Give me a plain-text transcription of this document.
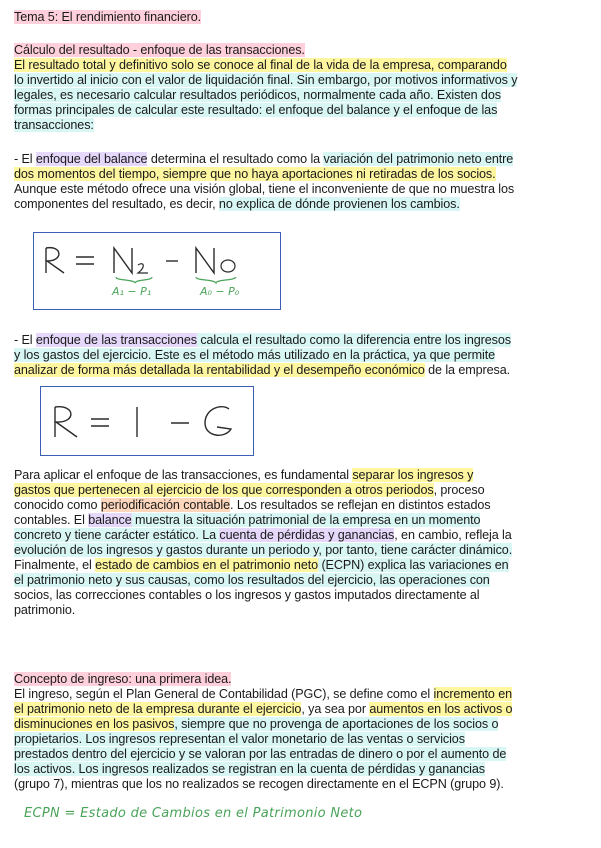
Tema 5: El rendimiento financiero.
Cálculo del resultado - enfoque de las transacciones.
El resultado total y definitivo solo se conoce al final de la vida de la empresa, comparando
lo invertido al inicio con el valor de liquidación final. Sin embargo, por motivos informativos y
legales, es necesario calcular resultados periódicos, normalmente cada año. Existen dos
formas principales de calcular este resultado: el enfoque del balance y el enfoque de las
transacciones:
- El enfoque del balance determina el resultado como la variación del patrimonio neto entre
dos momentos del tiempo, siempre que no haya aportaciones ni retiradas de los socios.
Aunque este método ofrece una visión global, tiene el inconveniente de que no muestra los
componentes del resultado, es decir, no explica de dónde provienen los cambios.
A₁ − P₁	A₀ − P₀
- El enfoque de las transacciones calcula el resultado como la diferencia entre los ingresos
y los gastos del ejercicio. Este es el método más utilizado en la práctica, ya que permite
analizar de forma más detallada la rentabilidad y el desempeño económico de la empresa.
Para aplicar el enfoque de las transacciones, es fundamental separar los ingresos y
gastos que pertenecen al ejercicio de los que corresponden a otros periodos, proceso
conocido como periodificación contable. Los resultados se reflejan en distintos estados
contables. El balance muestra la situación patrimonial de la empresa en un momento
concreto y tiene carácter estático. La cuenta de pérdidas y ganancias, en cambio, refleja la
evolución de los ingresos y gastos durante un periodo y, por tanto, tiene carácter dinámico.
Finalmente, el estado de cambios en el patrimonio neto (ECPN) explica las variaciones en
el patrimonio neto y sus causas, como los resultados del ejercicio, las operaciones con
socios, las correcciones contables o los ingresos y gastos imputados directamente al
patrimonio.
Concepto de ingreso: una primera idea.
El ingreso, según el Plan General de Contabilidad (PGC), se define como el incremento en
el patrimonio neto de la empresa durante el ejercicio, ya sea por aumentos en los activos o
disminuciones en los pasivos, siempre que no provenga de aportaciones de los socios o
propietarios. Los ingresos representan el valor monetario de las ventas o servicios
prestados dentro del ejercicio y se valoran por las entradas de dinero o por el aumento de
los activos. Los ingresos realizados se registran en la cuenta de pérdidas y ganancias
(grupo 7), mientras que los no realizados se recogen directamente en el ECPN (grupo 9).
ECPN = Estado de Cambios en el Patrimonio Neto
